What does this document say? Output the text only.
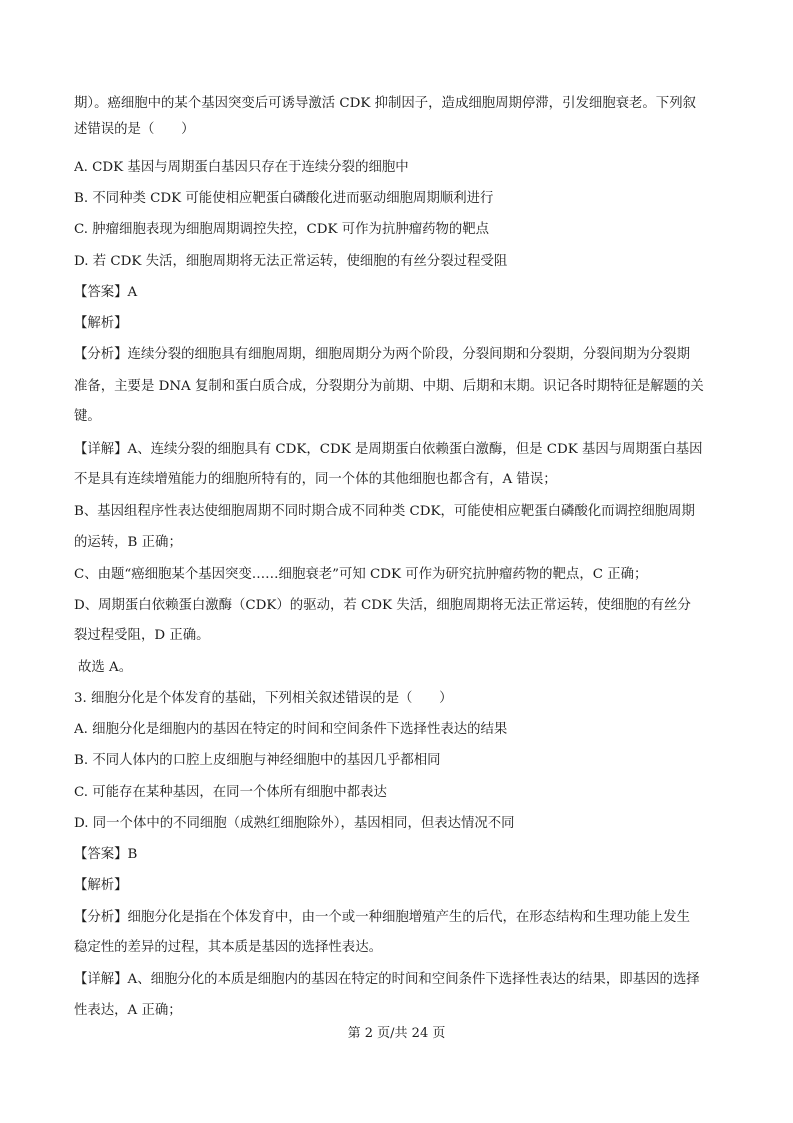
期）。癌细胞中的某个基因突变后可诱导激活 CDK 抑制因子，造成细胞周期停滞，引发细胞衰老。下列叙
述错误的是（　　）
A. CDK 基因与周期蛋白基因只存在于连续分裂的细胞中
B. 不同种类 CDK 可能使相应靶蛋白磷酸化进而驱动细胞周期顺利进行
C. 肿瘤细胞表现为细胞周期调控失控，CDK 可作为抗肿瘤药物的靶点
D. 若 CDK 失活，细胞周期将无法正常运转，使细胞的有丝分裂过程受阻
【答案】A
【解析】
【分析】连续分裂的细胞具有细胞周期，细胞周期分为两个阶段，分裂间期和分裂期，分裂间期为分裂期
准备，主要是 DNA 复制和蛋白质合成，分裂期分为前期、中期、后期和末期。识记各时期特征是解题的关
键。
【详解】A、连续分裂的细胞具有 CDK，CDK 是周期蛋白依赖蛋白激酶，但是 CDK 基因与周期蛋白基因
不是具有连续增殖能力的细胞所特有的，同一个体的其他细胞也都含有，A 错误；
B、基因组程序性表达使细胞周期不同时期合成不同种类 CDK，可能使相应靶蛋白磷酸化而调控细胞周期
的运转，B 正确；
C、由题“癌细胞某个基因突变……细胞衰老”可知 CDK 可作为研究抗肿瘤药物的靶点，C 正确；
D、周期蛋白依赖蛋白激酶（CDK）的驱动，若 CDK 失活，细胞周期将无法正常运转，使细胞的有丝分
裂过程受阻，D 正确。
故选 A。
3. 细胞分化是个体发育的基础，下列相关叙述错误的是（　　）
A. 细胞分化是细胞内的基因在特定的时间和空间条件下选择性表达的结果
B. 不同人体内的口腔上皮细胞与神经细胞中的基因几乎都相同
C. 可能存在某种基因，在同一个体所有细胞中都表达
D. 同一个体中的不同细胞（成熟红细胞除外），基因相同，但表达情况不同
【答案】B
【解析】
【分析】细胞分化是指在个体发育中，由一个或一种细胞增殖产生的后代，在形态结构和生理功能上发生
稳定性的差异的过程，其本质是基因的选择性表达。
【详解】A、细胞分化的本质是细胞内的基因在特定的时间和空间条件下选择性表达的结果，即基因的选择
性表达，A 正确；
第 2 页/共 24 页
